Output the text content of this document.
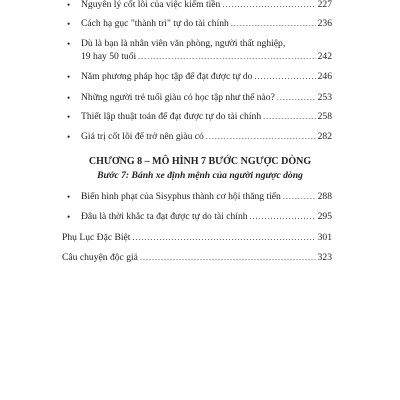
• Nguyên lý cốt lõi của việc kiếm tiền .....	227
• Cách hạ gục "thành trì" tự do tài chính .....	236
Dù là bạn là nhân viên văn phòng, người thất nghiệp,
19 hay 50 tuổi .....	242
•
• Năm phương pháp học tập để đạt được tự do .....	246
• Những người trẻ tuổi giàu có học tập như thế nào? .....	253
• Thiết lập thuật toán để đạt được tự do tài chính .....	258
• Giá trị cốt lõi để trở nên giàu có .....	282
CHƯƠNG 8 – MÔ HÌNH 7 BƯỚC NGƯỢC DÒNG
Bước 7: Bánh xe định mệnh của người ngược dòng
• Biến hình phạt của Sisyphus thành cơ hội thăng tiến .....	288
• Đâu là thời khắc ta đạt được tự do tài chính .....	295
Phụ Lục Đặc Biệt .....	301
Câu chuyện độc giả .....	323
